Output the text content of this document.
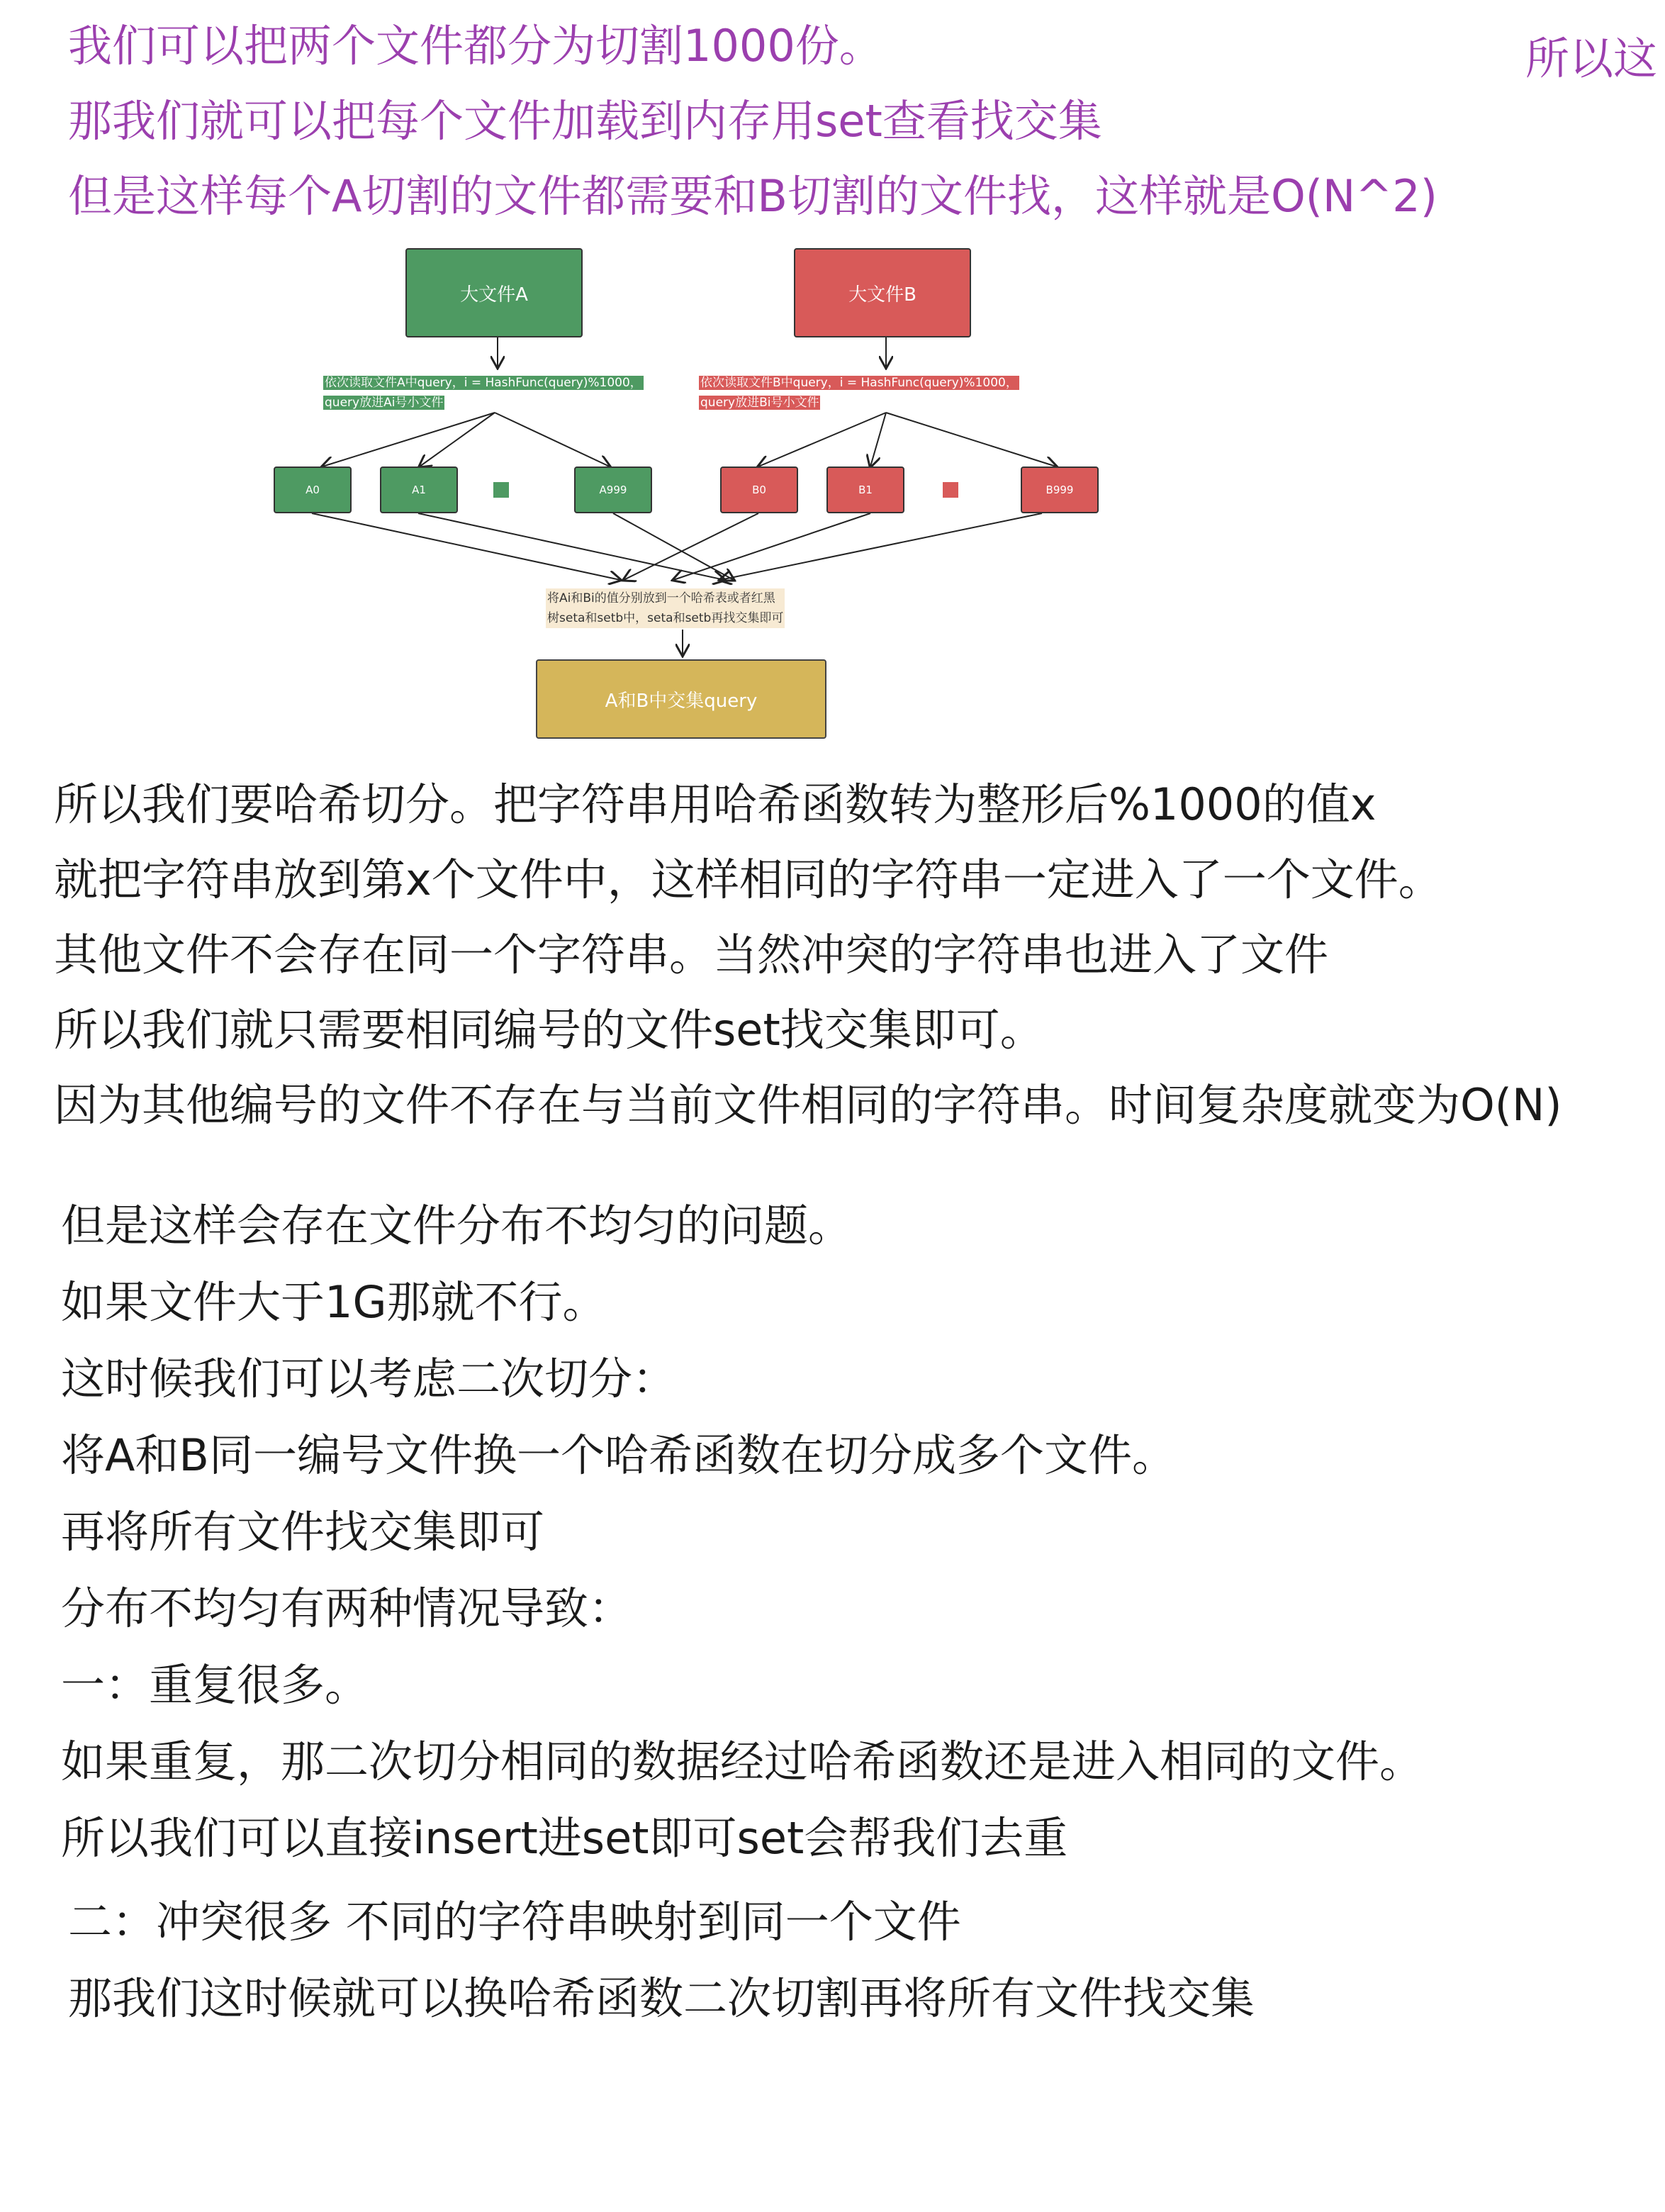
我们可以把两个文件都分为切割1000份。
那我们就可以把每个文件加载到内存用set查看找交集
但是这样每个A切割的文件都需要和B切割的文件找，这样就是O(N^2)
所以这
大文件A	大文件B
依次读取文件A中query，i = HashFunc(query)%1000，
query放进Ai号小文件
依次读取文件B中query，i = HashFunc(query)%1000，
query放进Bi号小文件
A0	A1	A999	B0	B1	B999
将Ai和Bi的值分别放到一个哈希表或者红黑
树seta和setb中，seta和setb再找交集即可
A和B中交集query
所以我们要哈希切分。把字符串用哈希函数转为整形后%1000的值x
就把字符串放到第x个文件中，这样相同的字符串一定进入了一个文件。
其他文件不会存在同一个字符串。当然冲突的字符串也进入了文件
所以我们就只需要相同编号的文件set找交集即可。
因为其他编号的文件不存在与当前文件相同的字符串。时间复杂度就变为O(N)
但是这样会存在文件分布不均匀的问题。
如果文件大于1G那就不行。
这时候我们可以考虑二次切分：
将A和B同一编号文件换一个哈希函数在切分成多个文件。
再将所有文件找交集即可
分布不均匀有两种情况导致：
一：重复很多。
如果重复，那二次切分相同的数据经过哈希函数还是进入相同的文件。
所以我们可以直接insert进set即可set会帮我们去重
二：冲突很多 不同的字符串映射到同一个文件
那我们这时候就可以换哈希函数二次切割再将所有文件找交集
